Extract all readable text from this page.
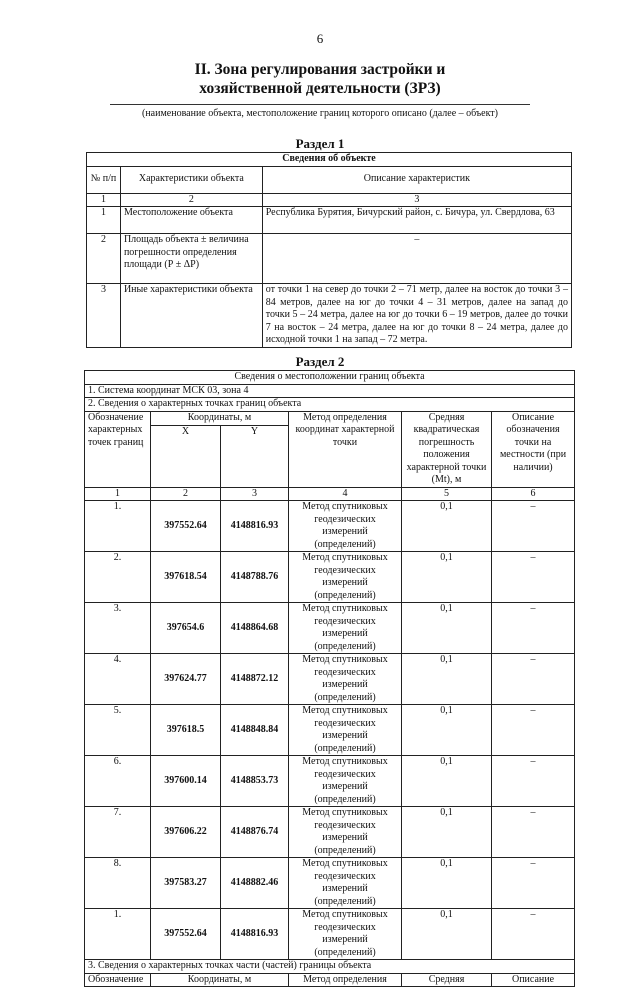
6
II. Зона регулирования застройки и
хозяйственной деятельности (ЗРЗ)
(наименование объекта, местоположение границ которого описано (далее – объект)
Раздел 1
Сведения об объекте		
№ п/п	Характеристики объекта	Описание характеристик
1	2	3
1	Местоположение объекта	Республика Бурятия, Бичурский район, с. Бичура, ул. Свердлова, 63
2	Площадь объекта ± величина погрешности определения площади (Р ± ΔР)	–
3	Иные характеристики объекта	от точки 1 на север до точки 2 – 71 метр, далее на восток до точки 3 – 84 метров, далее на юг до точки 4 – 31 метров, далее на запад до точки 5 – 24 метра, далее на юг до точки 6 – 19 метров, далее до точки 7 на восток – 24 метра, далее на юг до точки 8 – 24 метра, далее до исходной точки 1 на запад – 72 метра.
Раздел 2
Сведения о местоположении границ объекта					
1. Система координат МСК 03, зона 4					
2. Сведения о характерных точках границ объекта					
Обозначение характерных точек границ	Координаты, м		Метод определения координат характерной точки	Средняя квадратическая погрешность положения характерной точки (Mt), м	Описание обозначения точки на местности (при наличии)
	X	Y			
1	2	3	4	5	6
1.	397552.64	4148816.93	Метод спутниковых геодезических измерений (определений)	0,1	–
2.	397618.54	4148788.76	Метод спутниковых геодезических измерений (определений)	0,1	–
3.	397654.6	4148864.68	Метод спутниковых геодезических измерений (определений)	0,1	–
4.	397624.77	4148872.12	Метод спутниковых геодезических измерений (определений)	0,1	–
5.	397618.5	4148848.84	Метод спутниковых геодезических измерений (определений)	0,1	–
6.	397600.14	4148853.73	Метод спутниковых геодезических измерений (определений)	0,1	–
7.	397606.22	4148876.74	Метод спутниковых геодезических измерений (определений)	0,1	–
8.	397583.27	4148882.46	Метод спутниковых геодезических измерений (определений)	0,1	–
1.	397552.64	4148816.93	Метод спутниковых геодезических измерений (определений)	0,1	–
3. Сведения о характерных точках части (частей) границы объекта					
Обозначение	Координаты, м		Метод определения	Средняя	Описание
